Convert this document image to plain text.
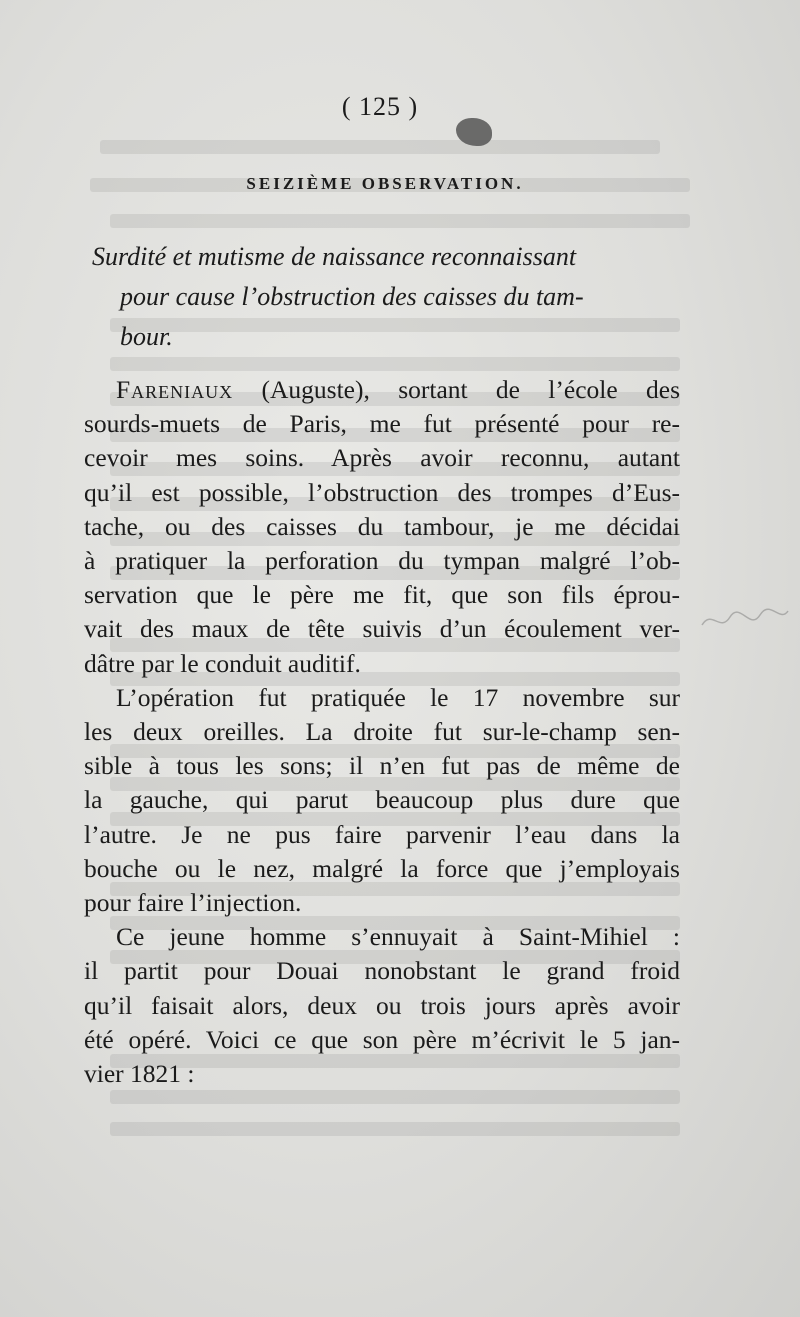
( 125 )
SEIZIÈME OBSERVATION.
Surdité et mutisme de naissance reconnaissant
pour cause l’obstruction des caisses du tam-
bour.
Fareniaux (Auguste), sortant de l’école des
sourds-muets de Paris, me fut présenté pour re-
cevoir mes soins. Après avoir reconnu, autant
qu’il est possible, l’obstruction des trompes d’Eus-
tache, ou des caisses du tambour, je me décidai
à pratiquer la perforation du tympan malgré l’ob-
servation que le père me fit, que son fils éprou-
vait des maux de tête suivis d’un écoulement ver-
dâtre par le conduit auditif.
L’opération fut pratiquée le 17 novembre sur
les deux oreilles. La droite fut sur-le-champ sen-
sible à tous les sons; il n’en fut pas de même de
la gauche, qui parut beaucoup plus dure que
l’autre. Je ne pus faire parvenir l’eau dans la
bouche ou le nez, malgré la force que j’employais
pour faire l’injection.
Ce jeune homme s’ennuyait à Saint-Mihiel :
il partit pour Douai nonobstant le grand froid
qu’il faisait alors, deux ou trois jours après avoir
été opéré. Voici ce que son père m’écrivit le 5 jan-
vier 1821 :
